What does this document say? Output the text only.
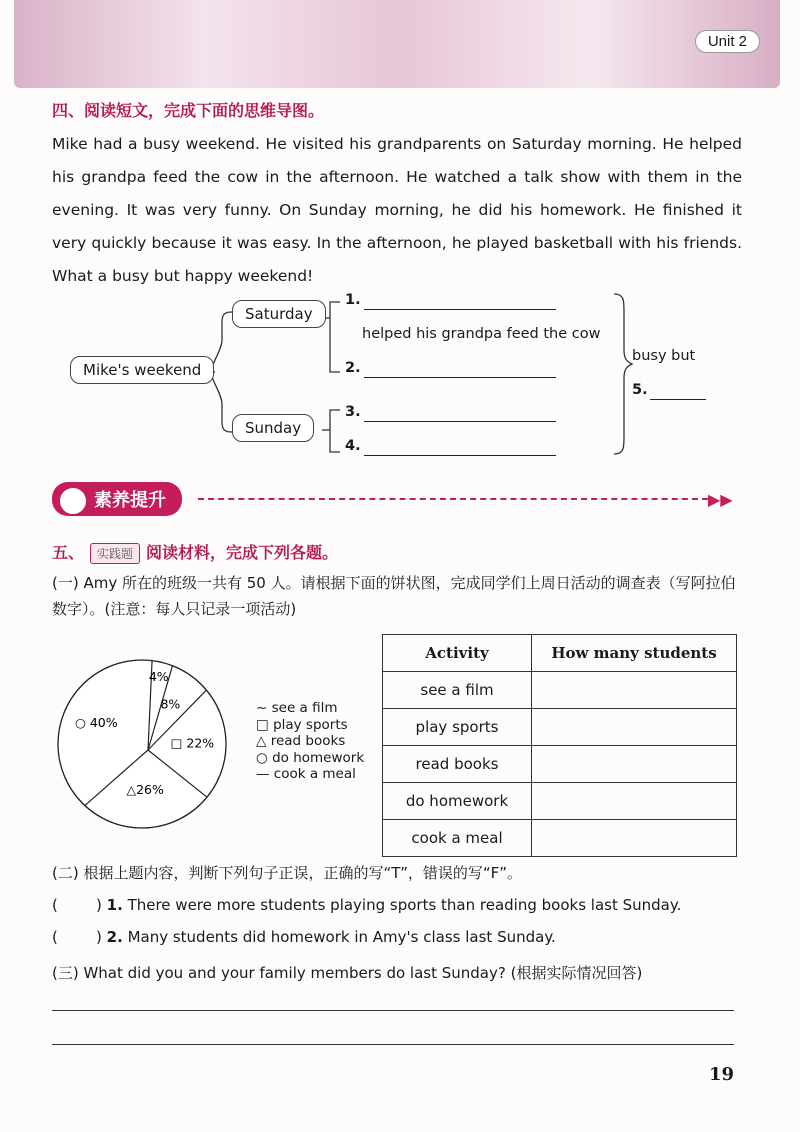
Unit 2
四、阅读短文，完成下面的思维导图。
Mike had a busy weekend. He visited his grandparents on Saturday morning. He helped his grandpa feed the cow in the afternoon. He watched a talk show with them in the evening. It was very funny. On Sunday morning, he did his homework. He finished it very quickly because it was easy. In the afternoon, he played basketball with his friends. What a busy but happy weekend!
Mike's weekend
Saturday
Sunday
1.
helped his grandpa feed the cow
2.
3.
4.
busy but
5.
素养提升	▶▶
五、 实践题 阅读材料，完成下列各题。
(一) Amy 所在的班级一共有 50 人。请根据下面的饼状图，完成同学们上周日活动的调查表（写阿拉伯数字）。(注意：每人只记录一项活动)
4%
8%
□ 22%
△26%
○ 40%
~ see a film
□ play sports
△ read books
○ do homework
— cook a meal
Activity	How many students
see a film	
play sports	
read books	
do homework	
cook a meal	
(二) 根据上题内容，判断下列句子正误，正确的写“T”，错误的写“F”。
(        ) 1. There were more students playing sports than reading books last Sunday.
(        ) 2. Many students did homework in Amy's class last Sunday.
(三) What did you and your family members do last Sunday? (根据实际情况回答)
19
